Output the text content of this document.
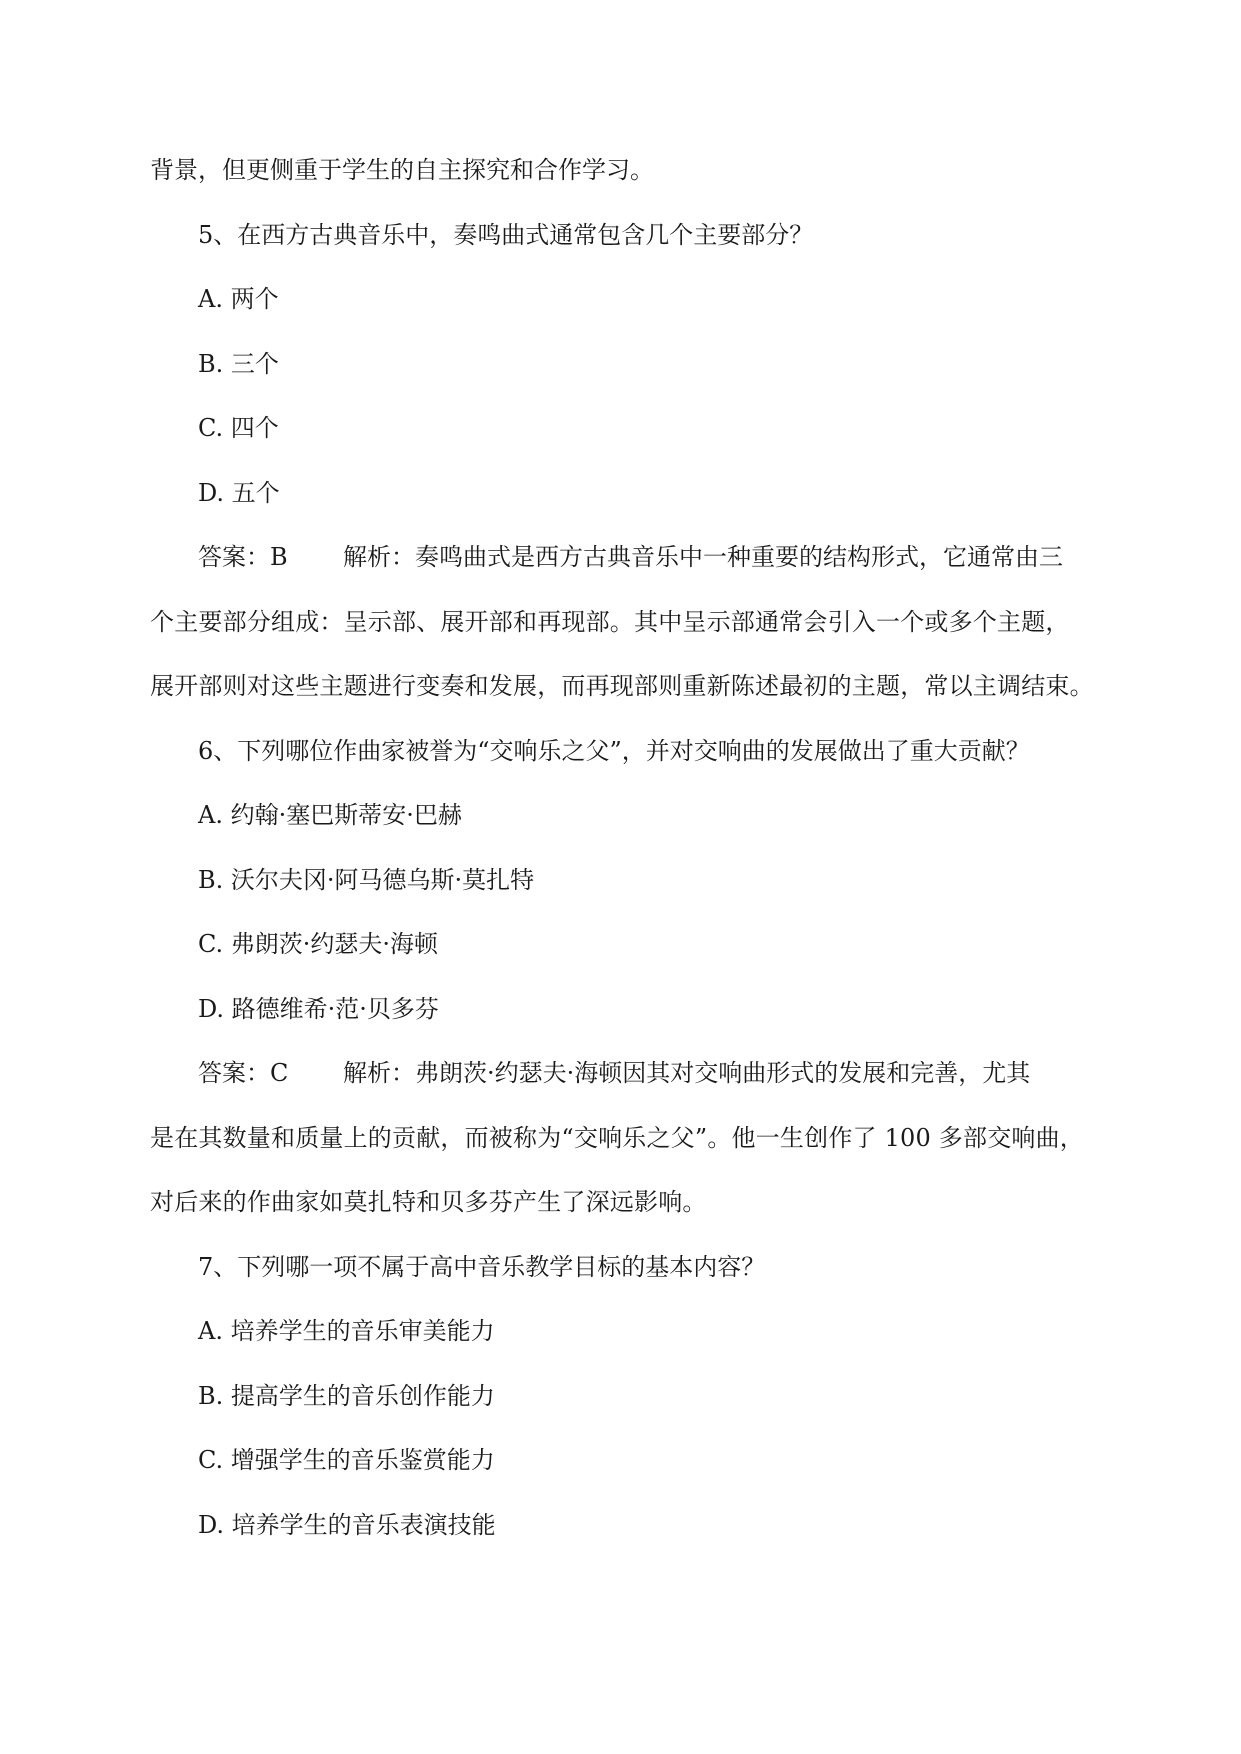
背景，但更侧重于学生的自主探究和合作学习。
5、在西方古典音乐中，奏鸣曲式通常包含几个主要部分？
A. 两个
B. 三个
C. 四个
D. 五个
答案：B 解析：奏鸣曲式是西方古典音乐中一种重要的结构形式，它通常由三
个主要部分组成：呈示部、展开部和再现部。其中呈示部通常会引入一个或多个主题，
展开部则对这些主题进行变奏和发展，而再现部则重新陈述最初的主题，常以主调结束。
6、下列哪位作曲家被誉为“交响乐之父”，并对交响曲的发展做出了重大贡献？
A. 约翰·塞巴斯蒂安·巴赫
B. 沃尔夫冈·阿马德乌斯·莫扎特
C. 弗朗茨·约瑟夫·海顿
D. 路德维希·范·贝多芬
答案：C 解析：弗朗茨·约瑟夫·海顿因其对交响曲形式的发展和完善，尤其
是在其数量和质量上的贡献，而被称为“交响乐之父”。他一生创作了 100 多部交响曲，
对后来的作曲家如莫扎特和贝多芬产生了深远影响。
7、下列哪一项不属于高中音乐教学目标的基本内容？
A. 培养学生的音乐审美能力
B. 提高学生的音乐创作能力
C. 增强学生的音乐鉴赏能力
D. 培养学生的音乐表演技能
